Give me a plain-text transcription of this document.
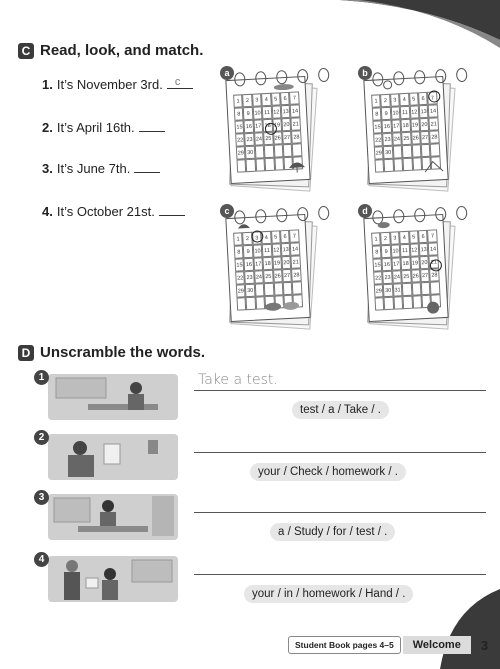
C Read, look, and match.
1. It’s November 3rd. c
2. It’s April 16th.
3. It’s June 7th.
4. It’s October 21st.
1	2	3	4	5	6	7
8	9 10 11 12 13 14
15 16 17 18 19 20 21
22 23 24 25 26 27 28
29 30
a
1	2	3	4	5	6	7
8	9 10 11 12 13 14
15 16 17 18 19 20 21
22 23 24 25 26 27 28
29 30
b
1	2	3	4	5	6	7
8	9 10 11 12 13 14
15 16 17 18 19 20 21
22 23 24 25 26 27 28
29 30
c
1	2	3	4	5	6	7
8	9 10 11 12 13 14
15 16 17 18 19 20 21
22 23 24 25 26 27 28
29 30 31
d
D Unscramble the words.
1	Take a test.
test / a / Take / .
2
your / Check / homework / .
3
a / Study / for / test / .
4
your / in / homework / Hand / .
Student Book pages 4–5	Welcome	3
